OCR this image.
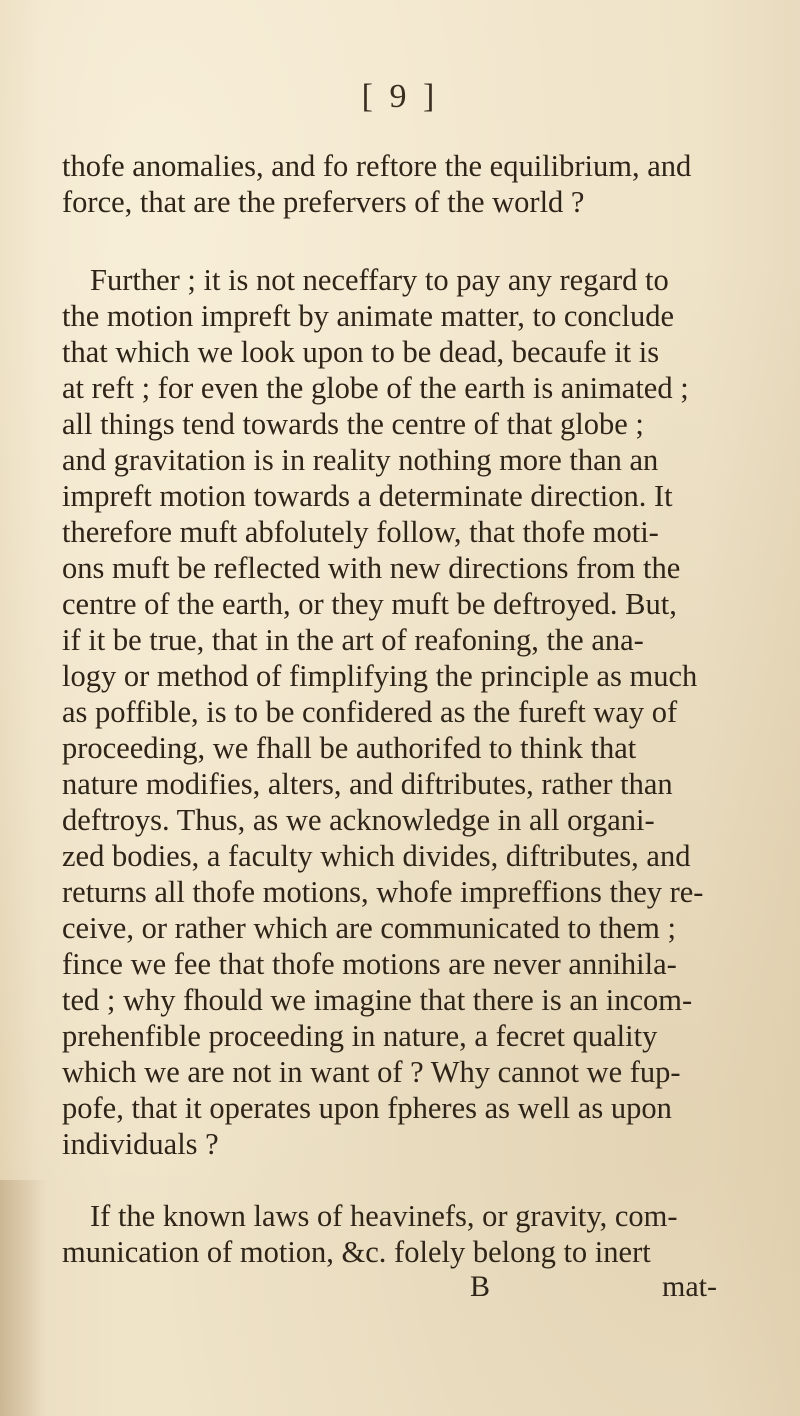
[ 9 ]
thofe anomalies, and fo reftore the equilibrium, and
force, that are the prefervers of the world ?
Further ; it is not neceffary to pay any regard to
the motion impreft by animate matter, to conclude
that which we look upon to be dead, becaufe it is
at reft ; for even the globe of the earth is animated ;
all things tend towards the centre of that globe ;
and gravitation is in reality nothing more than an
impreft motion towards a determinate direction. It
therefore muft abfolutely follow, that thofe moti-
ons muft be reflected with new directions from the
centre of the earth, or they muft be deftroyed. But,
if it be true, that in the art of reafoning, the ana-
logy or method of fimplifying the principle as much
as poffible, is to be confidered as the fureft way of
proceeding, we fhall be authorifed to think that
nature modifies, alters, and diftributes, rather than
deftroys. Thus, as we acknowledge in all organi-
zed bodies, a faculty which divides, diftributes, and
returns all thofe motions, whofe impreffions they re-
ceive, or rather which are communicated to them ;
fince we fee that thofe motions are never annihila-
ted ; why fhould we imagine that there is an incom-
prehenfible proceeding in nature, a fecret quality
which we are not in want of ? Why cannot we fup-
pofe, that it operates upon fpheres as well as upon
individuals ?
If the known laws of heavinefs, or gravity, com-
munication of motion, &c. folely belong to inert
B	mat-
